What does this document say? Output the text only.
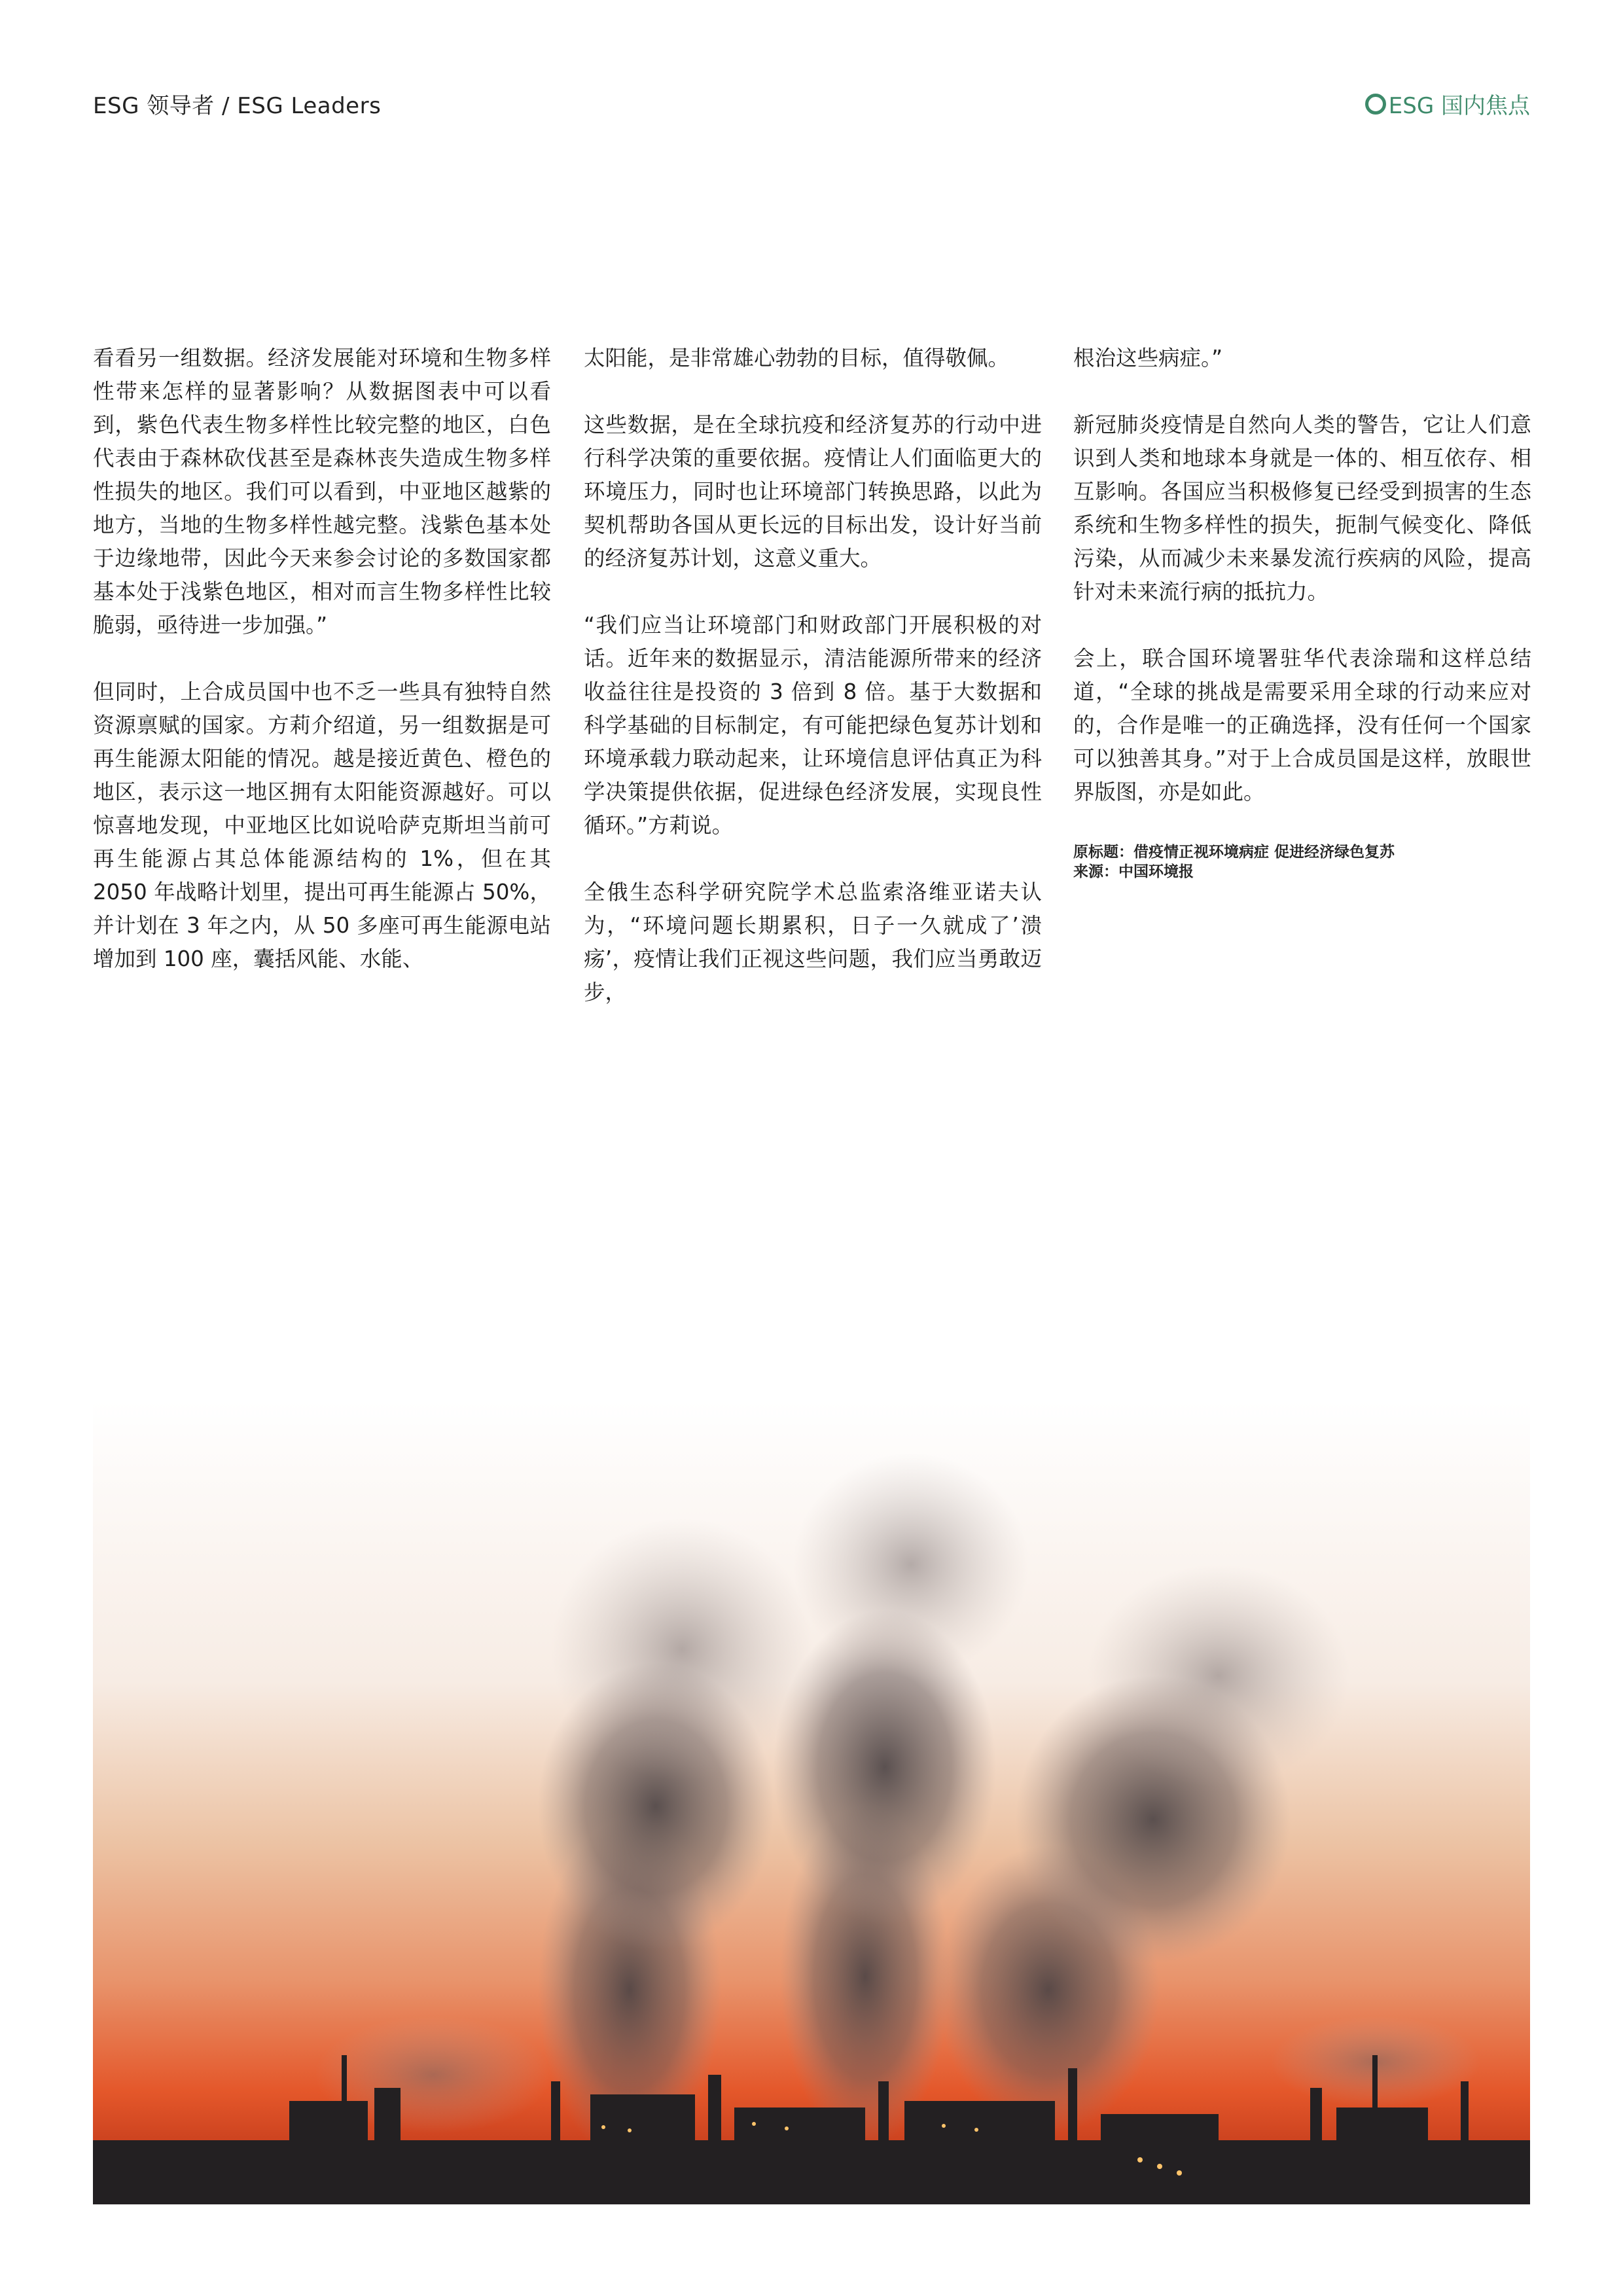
ESG 领导者 / ESG Leaders	ESG 国内焦点

看看另一组数据。经济发展能对环境和生物多样性带来怎样的显著影响？从数据图表中可以看到，紫色代表生物多样性比较完整的地区，白色代表由于森林砍伐甚至是森林丧失造成生物多样性损失的地区。我们可以看到，中亚地区越紫的地方，当地的生物多样性越完整。浅紫色基本处于边缘地带，因此今天来参会讨论的多数国家都基本处于浅紫色地区，相对而言生物多样性比较脆弱，亟待进一步加强。”

但同时，上合成员国中也不乏一些具有独特自然资源禀赋的国家。方莉介绍道，另一组数据是可再生能源太阳能的情况。越是接近黄色、橙色的地区，表示这一地区拥有太阳能资源越好。可以惊喜地发现，中亚地区比如说哈萨克斯坦当前可再生能源占其总体能源结构的 1%，但在其 2050 年战略计划里，提出可再生能源占 50%，并计划在 3 年之内，从 50 多座可再生能源电站增加到 100 座，囊括风能、水能、

太阳能，是非常雄心勃勃的目标，值得敬佩。

这些数据，是在全球抗疫和经济复苏的行动中进行科学决策的重要依据。疫情让人们面临更大的环境压力，同时也让环境部门转换思路，以此为契机帮助各国从更长远的目标出发，设计好当前的经济复苏计划，这意义重大。

“我们应当让环境部门和财政部门开展积极的对话。近年来的数据显示，清洁能源所带来的经济收益往往是投资的 3 倍到 8 倍。基于大数据和科学基础的目标制定，有可能把绿色复苏计划和环境承载力联动起来，让环境信息评估真正为科学决策提供依据，促进绿色经济发展，实现良性循环。”方莉说。

全俄生态科学研究院学术总监索洛维亚诺夫认为，“环境问题长期累积，日子一久就成了’溃疡’，疫情让我们正视这些问题，我们应当勇敢迈步，

根治这些病症。”

新冠肺炎疫情是自然向人类的警告，它让人们意识到人类和地球本身就是一体的、相互依存、相互影响。各国应当积极修复已经受到损害的生态系统和生物多样性的损失，扼制气候变化、降低污染，从而减少未来暴发流行疾病的风险，提高针对未来流行病的抵抗力。

会上，联合国环境署驻华代表涂瑞和这样总结道，“全球的挑战是需要采用全球的行动来应对的，合作是唯一的正确选择，没有任何一个国家可以独善其身。”对于上合成员国是这样，放眼世界版图，亦是如此。

原标题：借疫情正视环境病症 促进经济绿色复苏
来源：中国环境报
